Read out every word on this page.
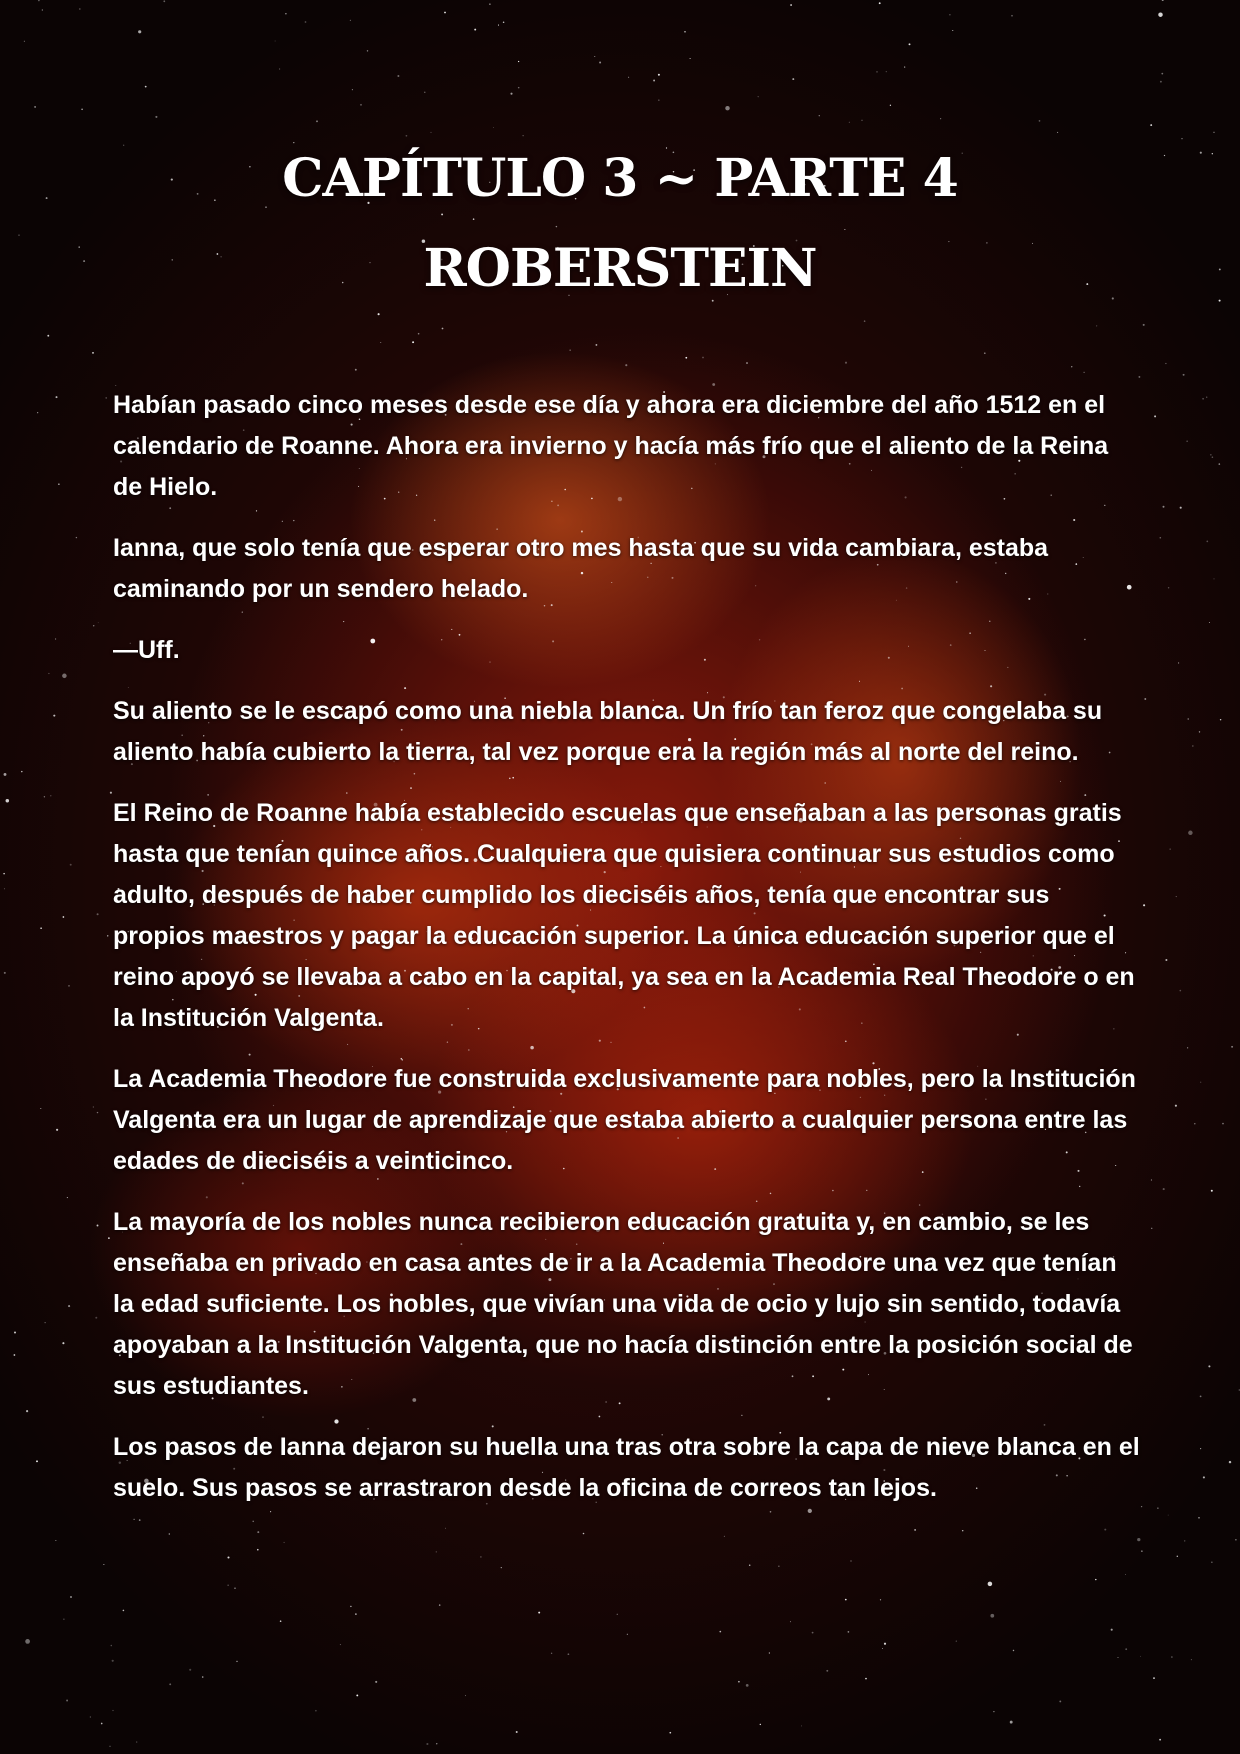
CAPÍTULO 3 ~ PARTE 4
ROBERSTEIN

Habían pasado cinco meses desde ese día y ahora era diciembre del año 1512 en el calendario de Roanne. Ahora era invierno y hacía más frío que el aliento de la Reina de Hielo.

Ianna, que solo tenía que esperar otro mes hasta que su vida cambiara, estaba caminando por un sendero helado.

—Uff.

Su aliento se le escapó como una niebla blanca. Un frío tan feroz que congelaba su aliento había cubierto la tierra, tal vez porque era la región más al norte del reino.

El Reino de Roanne había establecido escuelas que enseñaban a las personas gratis hasta que tenían quince años. Cualquiera que quisiera continuar sus estudios como adulto, después de haber cumplido los dieciséis años, tenía que encontrar sus propios maestros y pagar la educación superior. La única educación superior que el reino apoyó se llevaba a cabo en la capital, ya sea en la Academia Real Theodore o en la Institución Valgenta.

La Academia Theodore fue construida exclusivamente para nobles, pero la Institución Valgenta era un lugar de aprendizaje que estaba abierto a cualquier persona entre las edades de dieciséis a veinticinco.

La mayoría de los nobles nunca recibieron educación gratuita y, en cambio, se les enseñaba en privado en casa antes de ir a la Academia Theodore una vez que tenían la edad suficiente. Los nobles, que vivían una vida de ocio y lujo sin sentido, todavía apoyaban a la Institución Valgenta, que no hacía distinción entre la posición social de sus estudiantes.

Los pasos de Ianna dejaron su huella una tras otra sobre la capa de nieve blanca en el suelo. Sus pasos se arrastraron desde la oficina de correos tan lejos.
